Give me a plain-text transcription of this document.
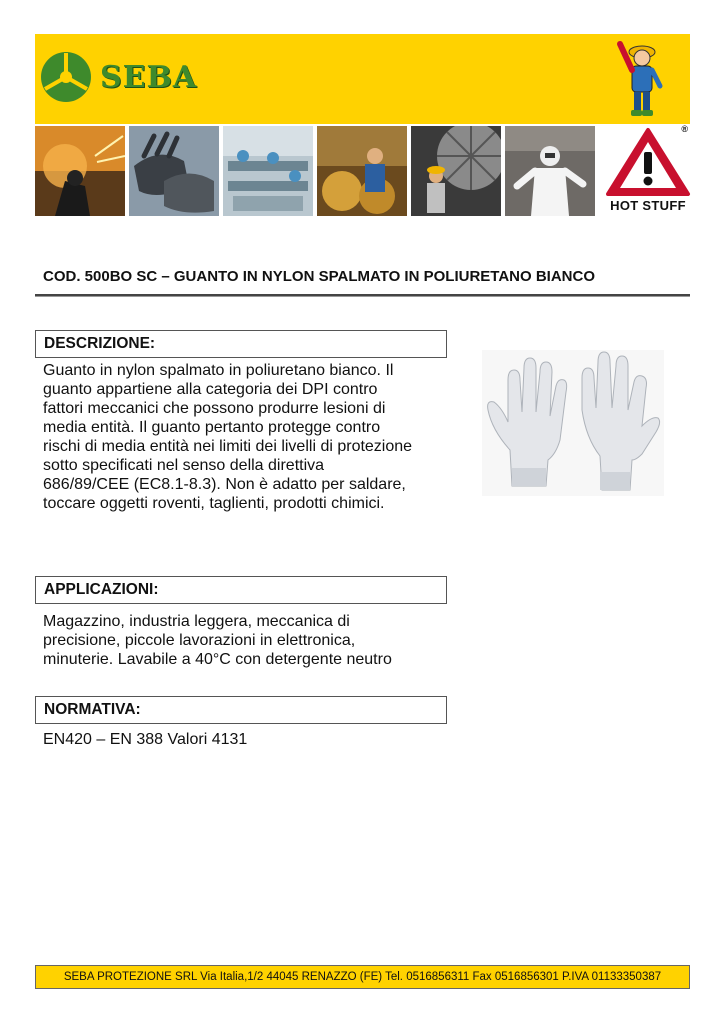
SEBA
®
HOT STUFF
COD. 500BO SC – GUANTO IN NYLON SPALMATO IN POLIURETANO BIANCO
DESCRIZIONE:
Guanto in nylon spalmato in poliuretano bianco. Il
guanto appartiene alla categoria dei DPI contro
fattori meccanici che possono produrre lesioni di
media entità. Il guanto pertanto protegge contro
rischi di media entità nei limiti dei livelli di protezione
sotto specificati nel senso della direttiva
686/89/CEE (EC8.1-8.3). Non è adatto per saldare,
toccare oggetti roventi, taglienti, prodotti chimici.
APPLICAZIONI:
Magazzino, industria leggera, meccanica di
precisione, piccole lavorazioni in elettronica,
minuterie. Lavabile a 40°C con detergente neutro
NORMATIVA:
EN420 – EN 388 Valori 4131
SEBA PROTEZIONE SRL Via Italia,1/2 44045 RENAZZO (FE) Tel. 0516856311 Fax 0516856301 P.IVA 01133350387
